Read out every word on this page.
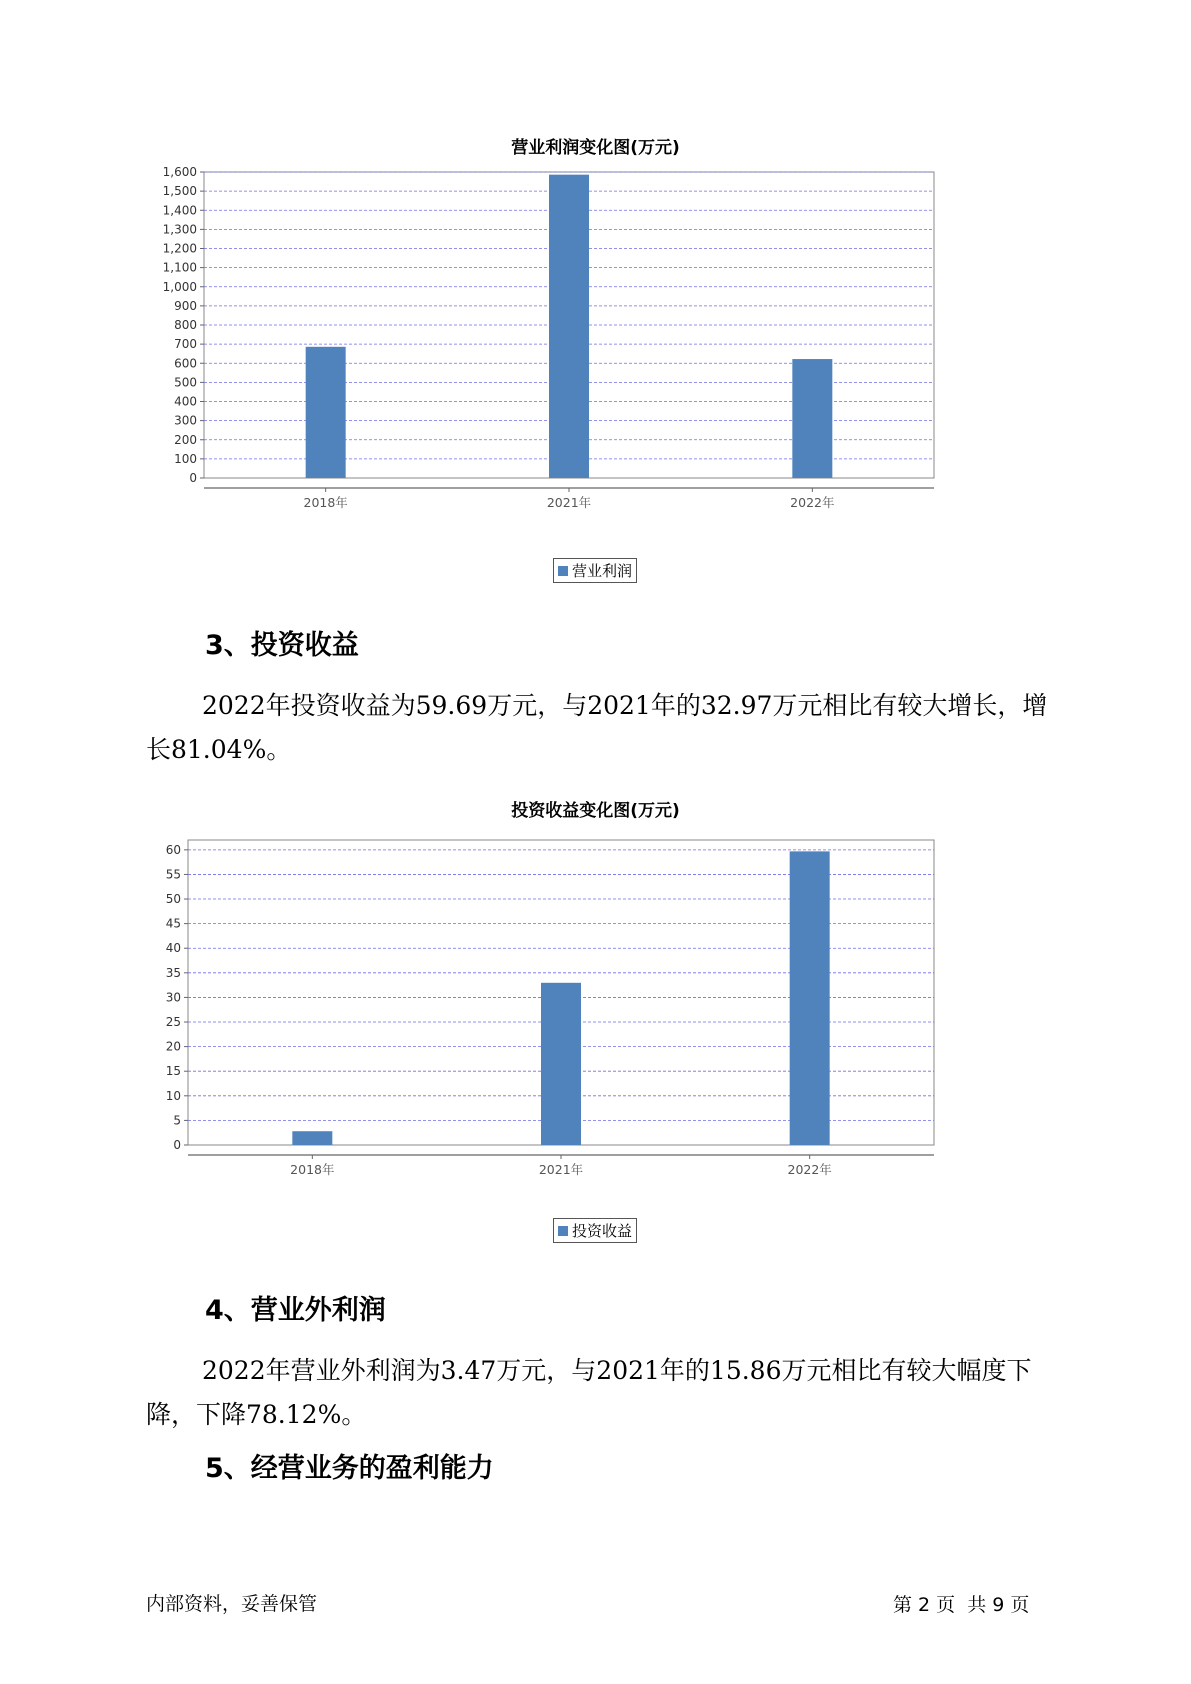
营业利润变化图(万元)
0
100
200
300
400
500
600
700
800
900
1,000
1,100
1,200
1,300
1,400
1,500
1,600
2018年	2021年	2022年
营业利润
3、投资收益
2022年投资收益为59.69万元，与2021年的32.97万元相比有较大增长，增长81.04%。
投资收益变化图(万元)
0
5
10
15
20
25
30
35
40
45
50
55
60
2018年	2021年	2022年
投资收益
4、营业外利润
2022年营业外利润为3.47万元，与2021年的15.86万元相比有较大幅度下降，下降78.12%。
5、经营业务的盈利能力
内部资料，妥善保管	第 2 页  共 9 页
